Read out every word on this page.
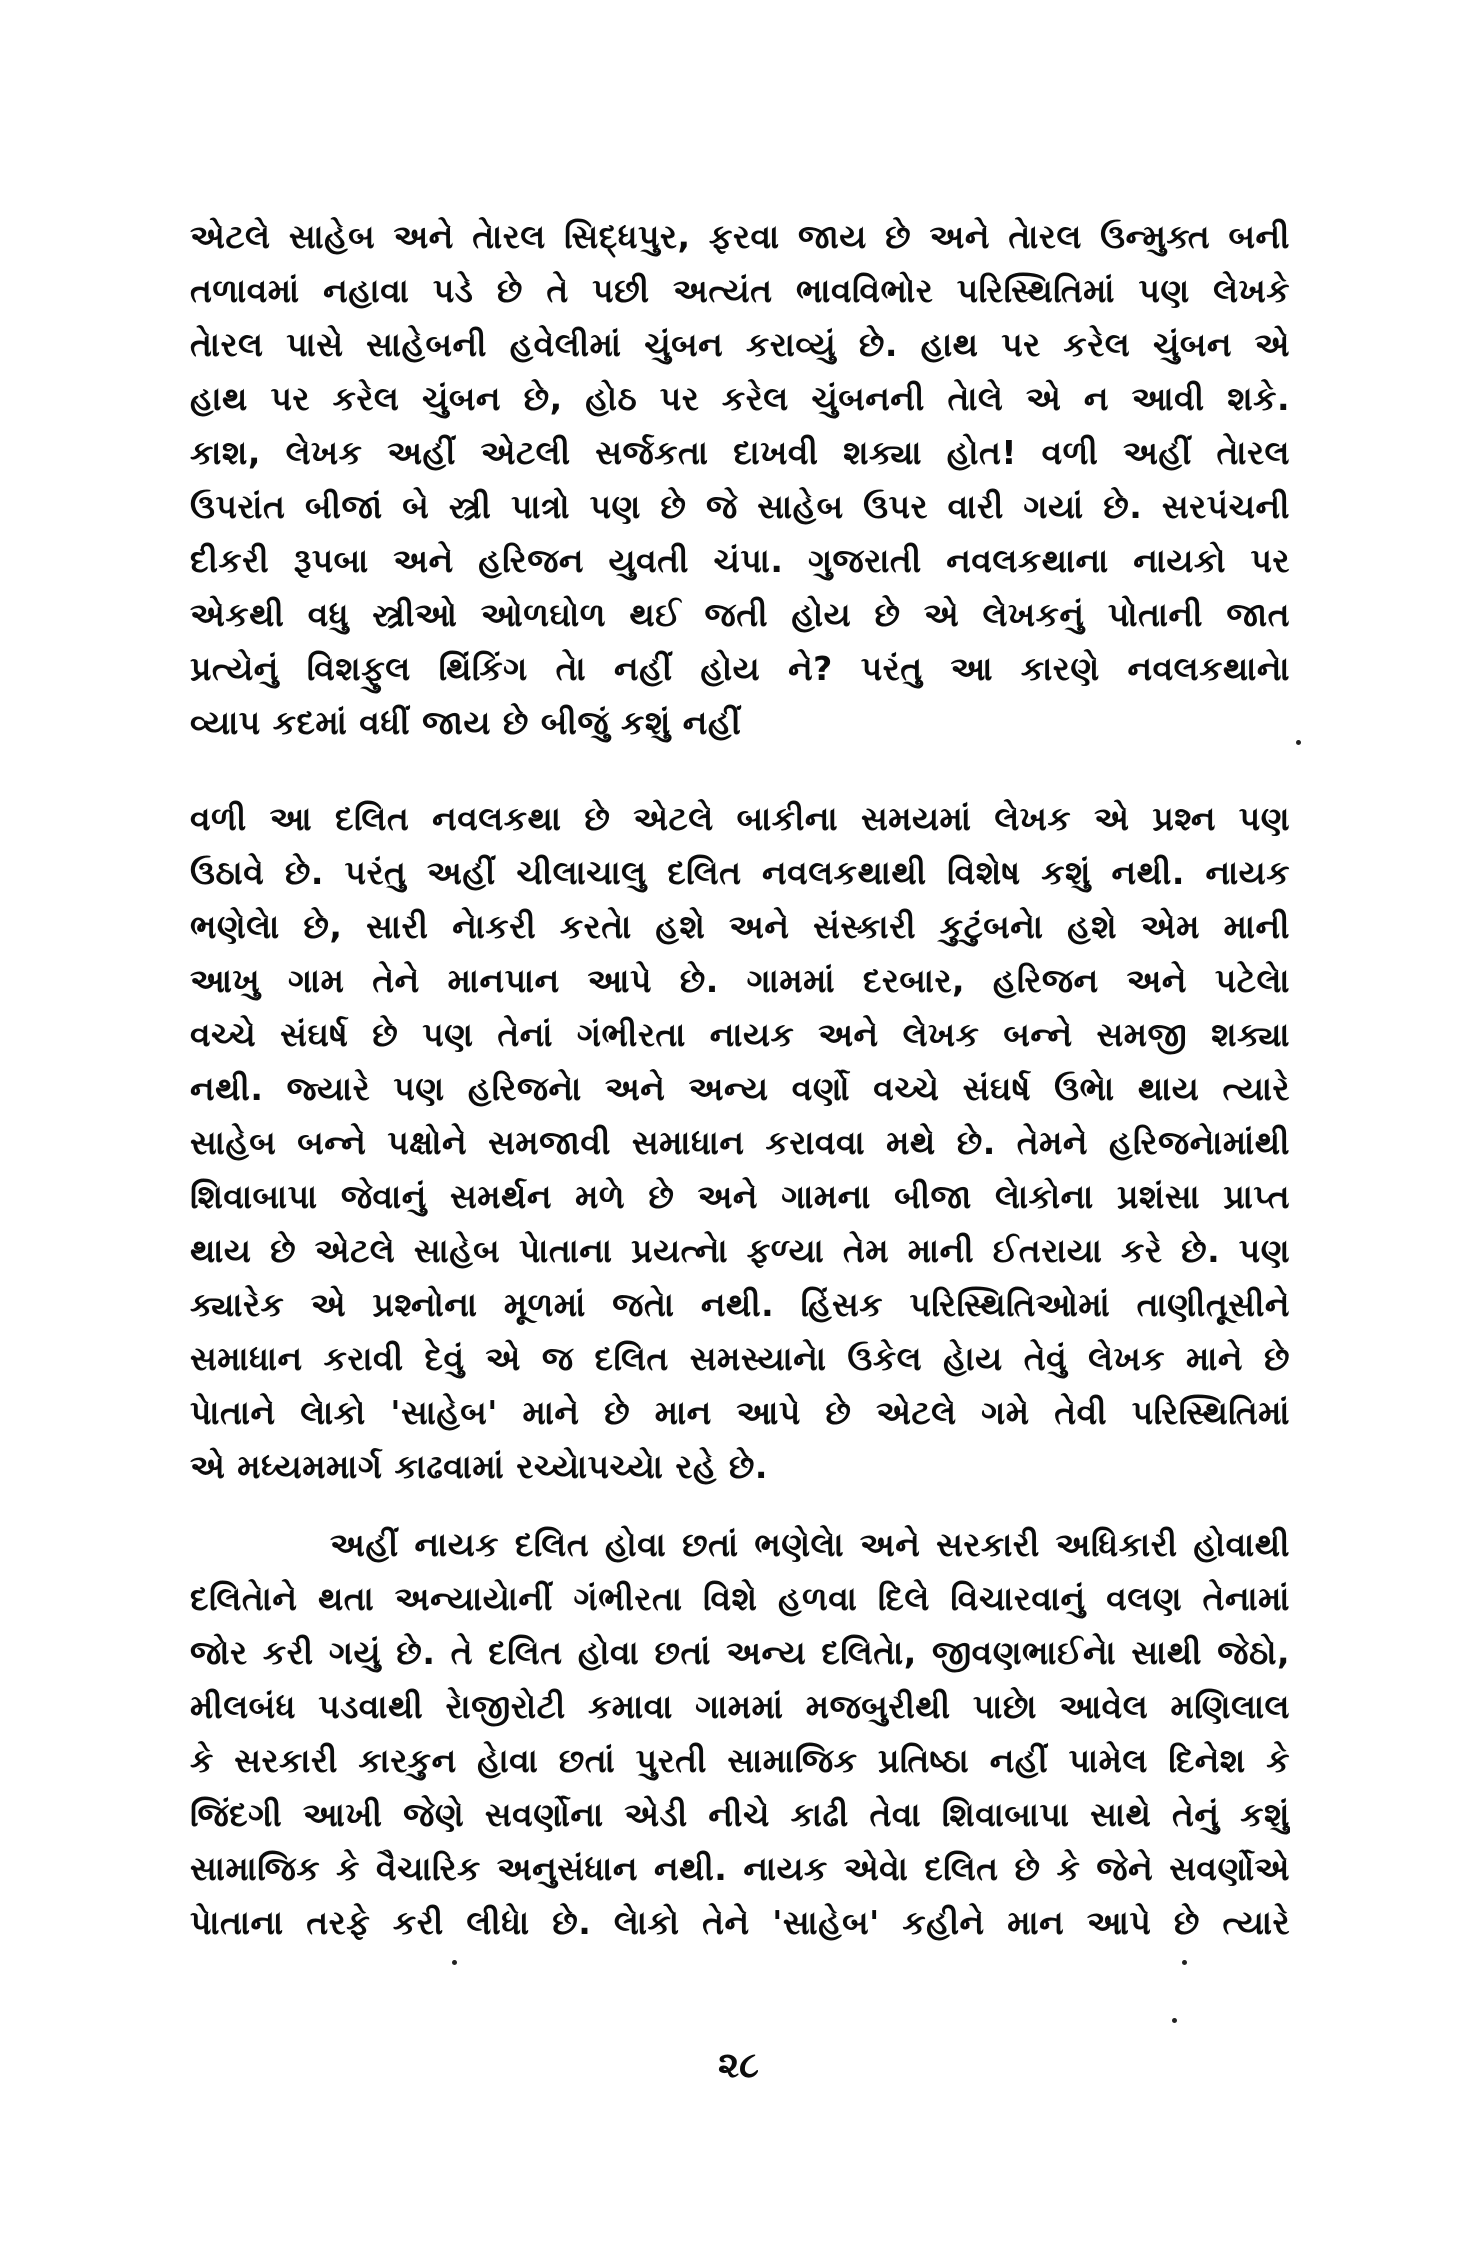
એટલે સાહેબ અને તેારલ સિદ્ધપુર, ફરવા જાય છે અને તેારલ ઉન્મુક્ત બની
તળાવમાં નહાવા પડે છે તે પછી અત્યંત ભાવવિભોર પરિસ્થિતિમાં પણ લેખકે
તેારલ પાસે સાહેબની હવેલીમાં ચુંબન કરાવ્યું છે. હાથ પર કરેલ ચુંબન એ
હાથ પર કરેલ ચુંબન છે, હોઠ પર કરેલ ચુંબનની તેાલે એ ન આવી શકે.
કાશ, લેખક અહીં એટલી સર્જકતા દાખવી શક્યા હોત! વળી અહીં તેારલ
ઉપરાંત બીજાં બે સ્ત્રી પાત્રો પણ છે જે સાહેબ ઉપર વારી ગયાં છે. સરપંચની
દીકરી રૂપબા અને હરિજન યુવતી ચંપા. ગુજરાતી નવલકથાના નાયકો પર
એકથી વધુ સ્ત્રીઓ ઓળઘોળ થઈ જતી હોય છે એ લેખકનું પોતાની જાત
પ્રત્યેનું વિશફુલ થિંકિંગ તેા નહીં હોય ને? પરંતુ આ કારણે નવલકથાનેા
વ્યાપ કદમાં વધીં જાય છે બીજું કશું નહીં
વળી આ દલિત નવલકથા છે એટલે બાકીના સમયમાં લેખક એ પ્રશ્ન પણ
ઉઠાવે છે. પરંતુ અહીં ચીલાચાલુ દલિત નવલકથાથી વિશેષ કશું નથી. નાયક
ભણેલેા છે, સારી નેાકરી કરતેા હશે અને સંસ્કારી કુટુંબનેા હશે એમ માની
આખુ ગામ તેને માનપાન આપે છે. ગામમાં દરબાર, હરિજન અને પટેલેા
વચ્ચે સંઘર્ષ છે પણ તેનાં ગંભીરતા નાયક અને લેખક બન્ને સમજી શક્યા
નથી. જ્યારે પણ હરિજનેા અને અન્ય વર્ણો વચ્ચે સંઘર્ષ ઉભેા થાય ત્યારે
સાહેબ બન્ને પક્ષોને સમજાવી સમાધાન કરાવવા મથે છે. તેમને હરિજનેામાંથી
શિવાબાપા જેવાનું સમર્થન મળે છે અને ગામના બીજા લેાકોના પ્રશંસા પ્રાપ્ત
થાય છે એટલે સાહેબ પેાતાના પ્રયત્નેા ફળ્યા તેમ માની ઈતરાયા કરે છે. પણ
ક્યારેક એ પ્રશ્નોના મૂળમાં જતેા નથી. હિંસક પરિસ્થિતિઓમાં તાણીતૂસીને
સમાધાન કરાવી દેવું એ જ દલિત સમસ્યાનેા ઉકેલ હેાય તેવું લેખક માને છે
પેાતાને લેાકો 'સાહેબ' માને છે માન આપે છે એટલે ગમે તેવી પરિસ્થિતિમાં
એ મધ્યમમાર્ગ કાઢવામાં રચ્યેાપચ્યેા રહે છે.
અહીં નાયક દલિત હોવા છતાં ભણેલેા અને સરકારી અધિકારી હોવાથી
દલિતેાને થતા અન્યાયેાનીં ગંભીરતા વિશે હળવા દિલે વિચારવાનું વલણ તેનામાં
જોર કરી ગયું છે. તે દલિત હોવા છતાં અન્ય દલિતેા, જીવણભાઈનેા સાથી જેઠો,
મીલબંધ પડવાથી રેાજીરોટી કમાવા ગામમાં મજબુરીથી પાછેા આવેલ મણિલાલ
કે સરકારી કારકુન હેાવા છતાં પુરતી સામાજિક પ્રતિષ્ઠા નહીં પામેલ દિનેશ કે
જિંદગી આખી જેણે સવર્ણોના એડી નીચે કાઢી તેવા શિવાબાપા સાથે તેનું કશું
સામાજિક કે વૈચારિક અનુસંધાન નથી. નાયક એવેા દલિત છે કે જેને સવર્ણોએ
પેાતાના તરફે કરી લીધેા છે. લેાકો તેને 'સાહેબ' કહીને માન આપે છે ત્યારે
૨૮
